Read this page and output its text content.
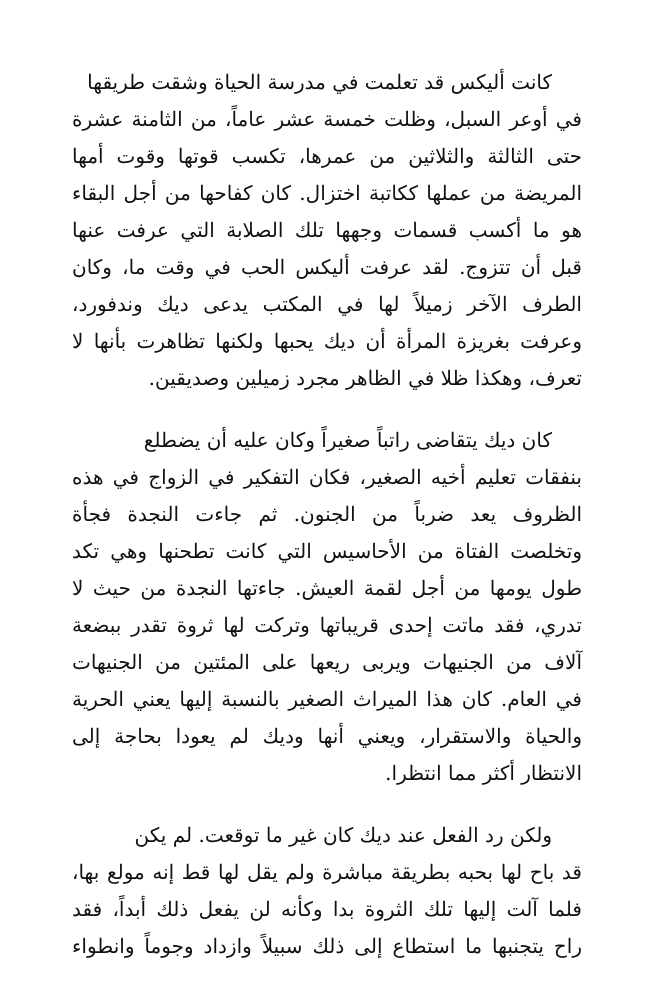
كانت أليكس قد تعلمت في مدرسة الحياة وشقت طريقها
في أوعر السبل، وظلت خمسة عشر عاماً، من الثامنة عشرة
حتى الثالثة والثلاثين من عمرها، تكسب قوتها وقوت أمها
المريضة من عملها ككاتبة اختزال. كان كفاحها من أجل البقاء
هو ما أكسب قسمات وجهها تلك الصلابة التي عرفت عنها
قبل أن تتزوج. لقد عرفت أليكس الحب في وقت ما، وكان
الطرف الآخر زميلاً لها في المكتب يدعى ديك وندفورد،
وعرفت بغريزة المرأة أن ديك يحبها ولكنها تظاهرت بأنها لا
تعرف، وهكذا ظلا في الظاهر مجرد زميلين وصديقين.
كان ديك يتقاضى راتباً صغيراً وكان عليه أن يضطلع
بنفقات تعليم أخيه الصغير، فكان التفكير في الزواج في هذه
الظروف يعد ضرباً من الجنون. ثم جاءت النجدة فجأة
وتخلصت الفتاة من الأحاسيس التي كانت تطحنها وهي تكد
طول يومها من أجل لقمة العيش. جاءتها النجدة من حيث لا
تدري، فقد ماتت إحدى قريباتها وتركت لها ثروة تقدر ببضعة
آلاف من الجنيهات ويربى ريعها على المئتين من الجنيهات
في العام. كان هذا الميراث الصغير بالنسبة إليها يعني الحرية
والحياة والاستقرار، ويعني أنها وديك لم يعودا بحاجة إلى
الانتظار أكثر مما انتظرا.
ولكن رد الفعل عند ديك كان غير ما توقعت. لم يكن
قد باح لها بحبه بطريقة مباشرة ولم يقل لها قط إنه مولع بها،
فلما آلت إليها تلك الثروة بدا وكأنه لن يفعل ذلك أبداً، فقد
راح يتجنبها ما استطاع إلى ذلك سبيلاً وازداد وجوماً وانطواء
